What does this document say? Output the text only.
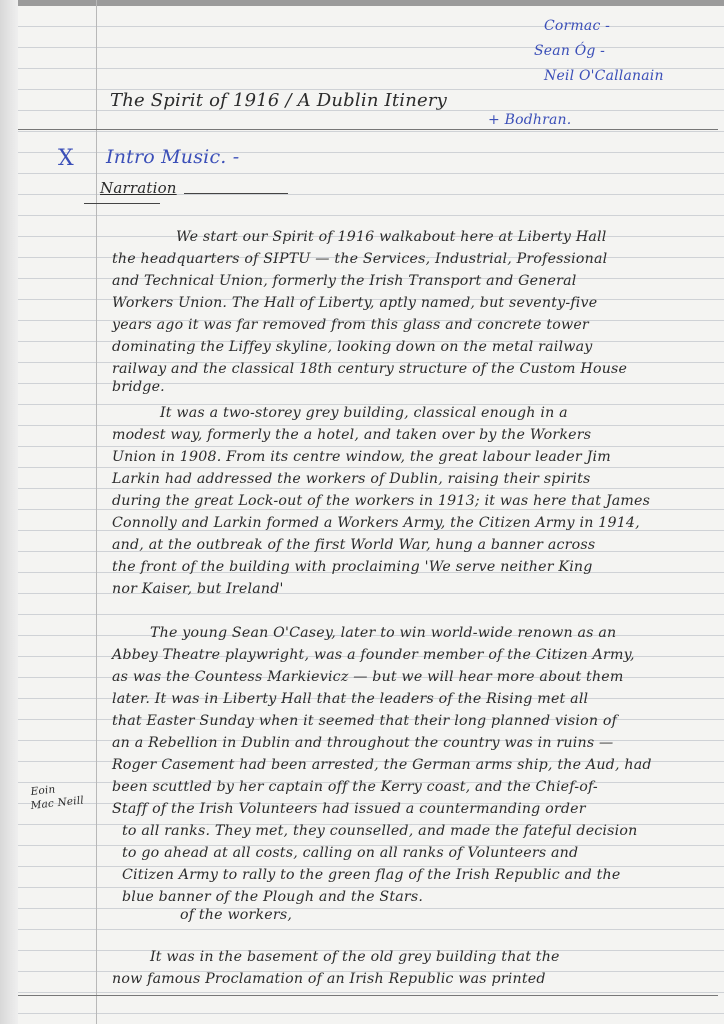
Cormac -
Sean Óg -
Neil O'Callanain
+ Bodhran.
The Spirit of 1916 / A Dublin Itinery
X Intro Music. -
Narration
Eoin
Mac Neill
We start our Spirit of 1916 walkabout here at Liberty Hall
the headquarters of SIPTU — the Services, Industrial, Professional
and Technical Union, formerly the Irish Transport and General
Workers Union. The Hall of Liberty, aptly named, but seventy-five
years ago it was far removed from this glass and concrete tower
dominating the Liffey skyline, looking down on the metal railway
railway and the classical 18th century structure of the Custom House
bridge.
It was a two-storey grey building, classical enough in a
modest way, formerly the a hotel, and taken over by the Workers
Union in 1908. From its centre window, the great labour leader Jim
Larkin had addressed the workers of Dublin, raising their spirits
during the great Lock-out of the workers in 1913; it was here that James
Connolly and Larkin formed a Workers Army, the Citizen Army in 1914,
and, at the outbreak of the first World War, hung a banner across
the front of the building with proclaiming 'We serve neither King
nor Kaiser, but Ireland'
The young Sean O'Casey, later to win world-wide renown as an
Abbey Theatre playwright, was a founder member of the Citizen Army,
as was the Countess Markievicz — but we will hear more about them
later. It was in Liberty Hall that the leaders of the Rising met all
that Easter Sunday when it seemed that their long planned vision of
an a Rebellion in Dublin and throughout the country was in ruins —
Roger Casement had been arrested, the German arms ship, the Aud, had
been scuttled by her captain off the Kerry coast, and the Chief-of-
Staff of the Irish Volunteers had issued a countermanding order
to all ranks. They met, they counselled, and made the fateful decision
to go ahead at all costs, calling on all ranks of Volunteers and
Citizen Army to rally to the green flag of the Irish Republic and the
blue banner of the Plough and the Stars.
of the workers,
It was in the basement of the old grey building that the
now famous Proclamation of an Irish Republic was printed
